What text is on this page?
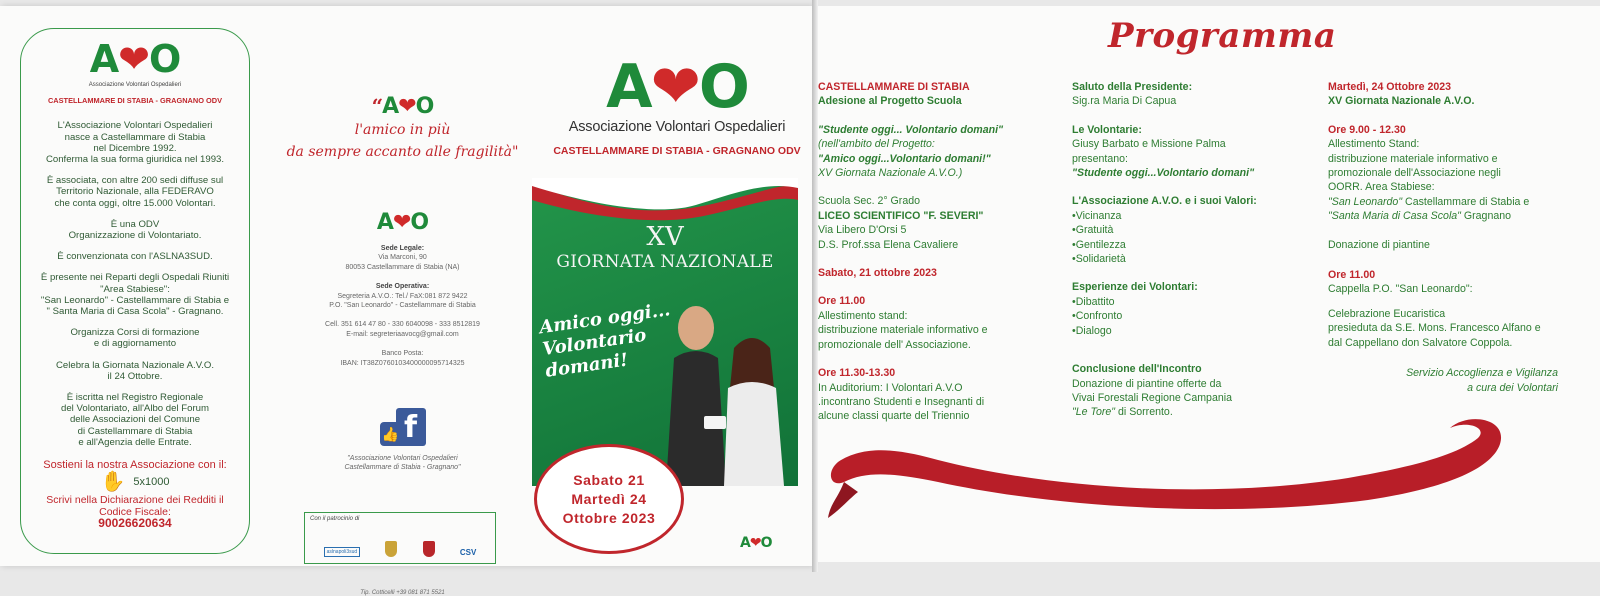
A ❤ O
Associazione Volontari Ospedalieri
CASTELLAMMARE DI STABIA - GRAGNANO ODV
L'Associazione Volontari Ospedalieri
nasce a Castellammare di Stabia
nel Dicembre 1992.
Conferma la sua forma giuridica nel 1993.
È associata, con altre 200 sedi diffuse sul
Territorio Nazionale, alla FEDERAVO
che conta oggi, oltre 15.000 Volontari.
È una ODV
Organizzazione di Volontariato.
È convenzionata con l'ASLNA3SUD.
È presente nei Reparti degli Ospedali Riuniti
"Area Stabiese":
"San Leonardo" - Castellammare di Stabia e
" Santa Maria di Casa Scola" - Gragnano.
Organizza Corsi di formazione
e di aggiornamento
Celebra la Giornata Nazionale A.V.O.
il 24 Ottobre.
È iscritta nel Registro Regionale
del Volontariato, all'Albo del Forum
delle Associazioni del Comune
di Castellammare di Stabia
e all'Agenzia delle Entrate.
Sostieni la nostra Associazione con il:
✋ 5x1000
Scrivi nella Dichiarazione dei Redditi il
Codice Fiscale:
90026620634
“ A ❤ O
l'amico in più
da sempre accanto alle fragilità"
A ❤ O
Sede Legale:
Via Marconi, 90
80053 Castellammare di Stabia (NA)
Sede Operativa:
Segreteria A.V.O.: Tel./ FaX:081 872 9422
P.O. "San Leonardo" - Castellammare di Stabia
Cell. 351 614 47 80 - 330 6040098 - 333 8512819
E-mail: segreteriaavocg@gmail.com
Banco Posta:
IBAN: IT38Z0760103400000095714325
f
👍
"Associazione Volontari Ospedalieri
Castellammare di Stabia - Gragnano"
Con il patrocinio di
aslnapoli3sud	CSV
Tip. Cotticelli +39 081 871 5521
A ❤ O
Associazione Volontari Ospedalieri
CASTELLAMMARE DI STABIA - GRAGNANO ODV
XV
GIORNATA NAZIONALE
Amico oggi...
Volontario
domani!
Sabato 21
Martedì 24
Ottobre 2023
A ❤ O
Programma
CASTELLAMMARE DI STABIA
Adesione al Progetto Scuola
"Studente oggi... Volontario domani"
(nell'ambito del Progetto:
"Amico oggi...Volontario domani!"
XV Giornata Nazionale A.V.O.)
Scuola Sec. 2° Grado
LICEO SCIENTIFICO "F. SEVERI"
Via Libero D'Orsi 5
D.S. Prof.ssa Elena Cavaliere
Sabato, 21 ottobre 2023
Ore 11.00
Allestimento stand:
distribuzione materiale informativo e
promozionale dell' Associazione.
Ore 11.30-13.30
In Auditorium: I Volontari A.V.O
.incontrano Studenti e Insegnanti di
alcune classi quarte del Triennio
Saluto della Presidente:
Sig.ra Maria Di Capua
Le Volontarie:
Giusy Barbato e Missione Palma
presentano:
"Studente oggi...Volontario domani"
L'Associazione A.V.O. e i suoi Valori:
•Vicinanza
•Gratuità
•Gentilezza
•Solidarietà
Esperienze dei Volontari:
•Dibattito
•Confronto
•Dialogo
Conclusione dell'Incontro
Donazione di piantine offerte da
Vivai Forestali Regione Campania
"Le Tore" di Sorrento.
Martedì, 24 Ottobre 2023
XV Giornata Nazionale A.V.O.
Ore 9.00 - 12.30
Allestimento Stand:
distribuzione materiale informativo e
promozionale dell'Associazione negli
OORR. Area Stabiese:
"San Leonardo" Castellammare di Stabia e
"Santa Maria di Casa Scola" Gragnano
Donazione di piantine
Ore 11.00
Cappella P.O. "San Leonardo":
Celebrazione Eucaristica
presieduta da S.E. Mons. Francesco Alfano e
dal Cappellano don Salvatore Coppola.
Servizio Accoglienza e Vigilanza
a cura dei Volontari
